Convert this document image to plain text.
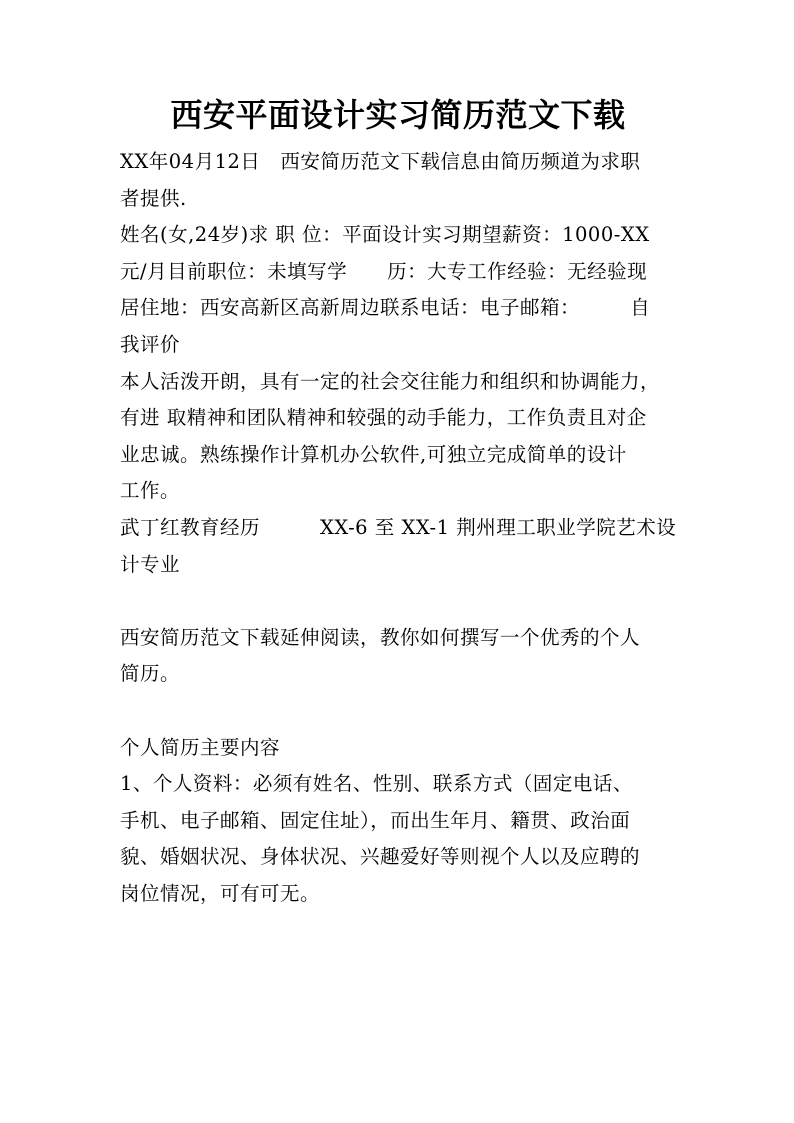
西安平面设计实习简历范文下载
XX年04月12日　西安简历范文下载信息由简历频道为求职
者提供.
姓名(女,24岁)求 职 位：平面设计实习期望薪资：1000-XX
元/月目前职位：未填写学　　历：大专工作经验：无经验现
居住地：西安高新区高新周边联系电话：电子邮箱：　　　自
我评价
本人活泼开朗，具有一定的社会交往能力和组织和协调能力，
有进 取精神和团队精神和较强的动手能力，工作负责且对企
业忠诚。熟练操作计算机办公软件,可独立完成简单的设计
工作。
武丁红教育经历　　　XX-6 至 XX-1 荆州理工职业学院艺术设
计专业
西安简历范文下载延伸阅读，教你如何撰写一个优秀的个人
简历。
个人简历主要内容
1、个人资料：必须有姓名、性别、联系方式（固定电话、
手机、电子邮箱、固定住址），而出生年月、籍贯、政治面
貌、婚姻状况、身体状况、兴趣爱好等则视个人以及应聘的
岗位情况，可有可无。
